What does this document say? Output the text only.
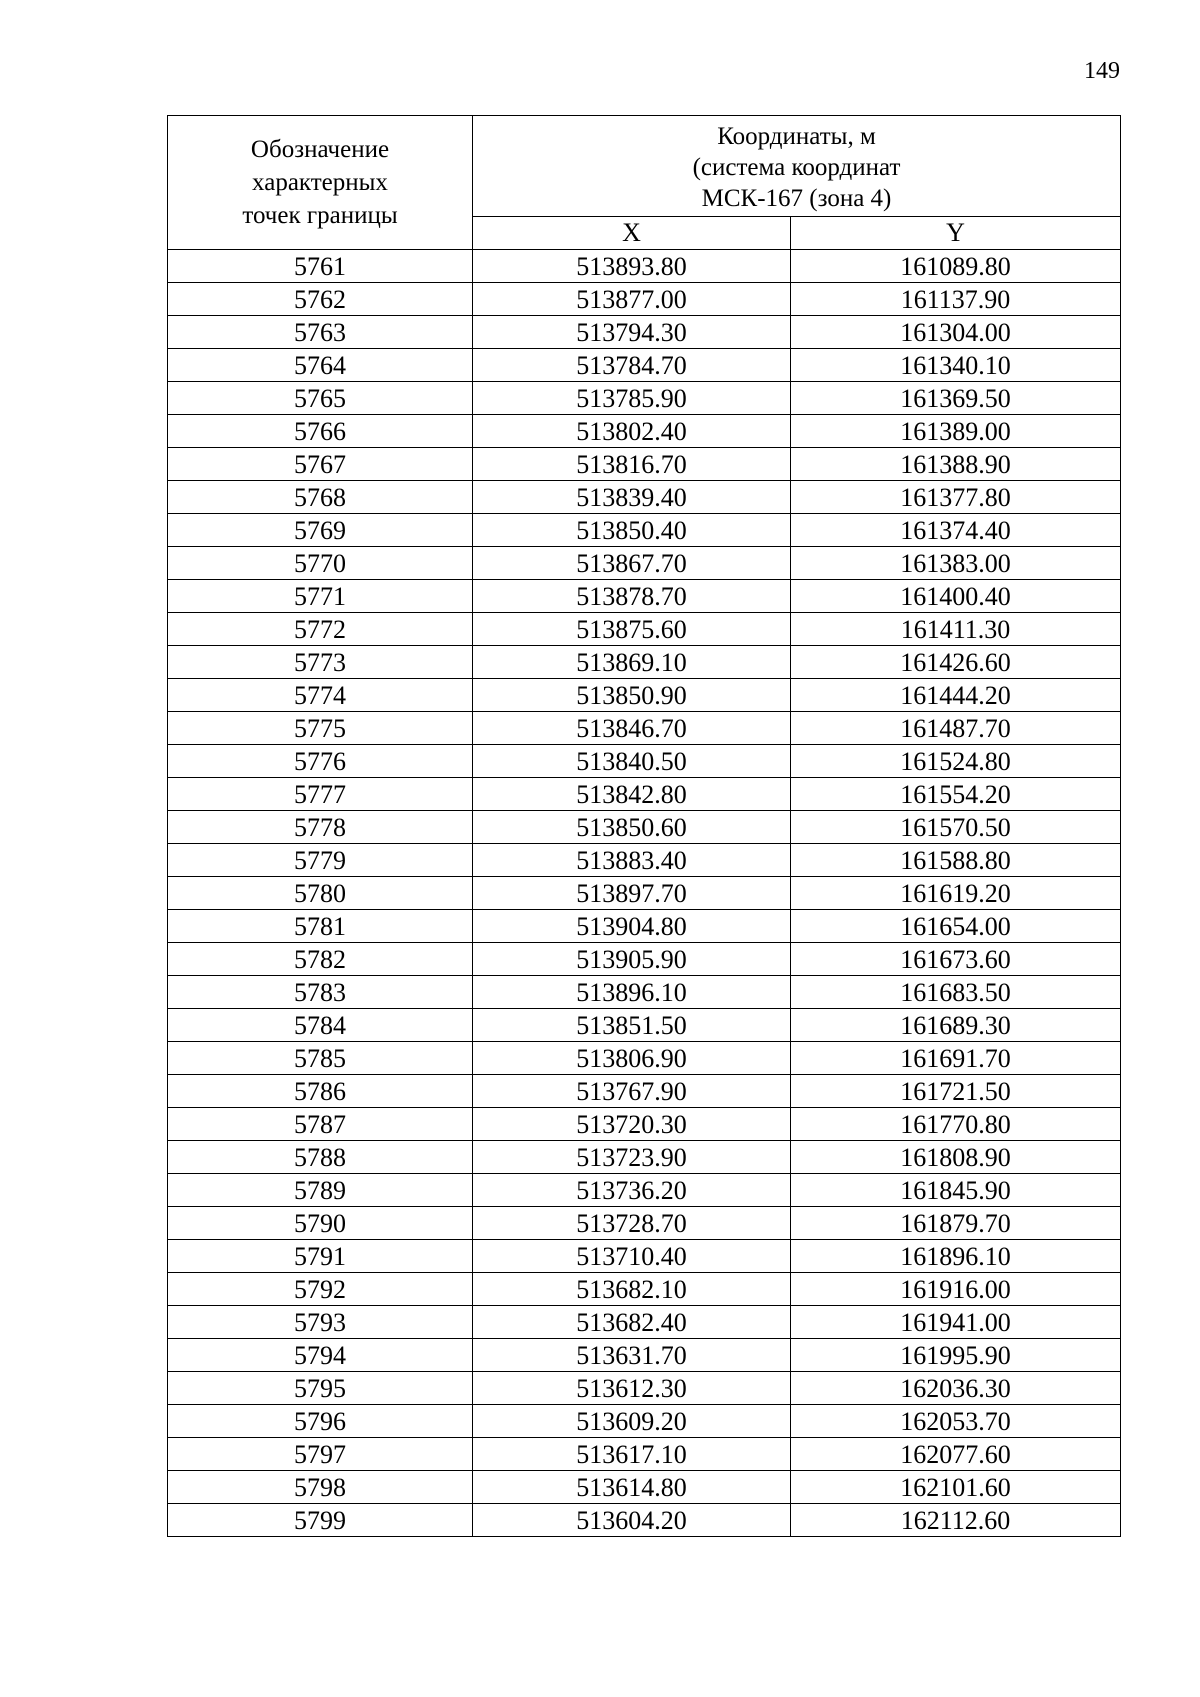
149
Обозначение
характерных
точек границы	Координаты, м
(система координат
МСК-167 (зона 4)	

	X	Y
5761	513893.80	161089.80
5762	513877.00	161137.90
5763	513794.30	161304.00
5764	513784.70	161340.10
5765	513785.90	161369.50
5766	513802.40	161389.00
5767	513816.70	161388.90
5768	513839.40	161377.80
5769	513850.40	161374.40
5770	513867.70	161383.00
5771	513878.70	161400.40
5772	513875.60	161411.30
5773	513869.10	161426.60
5774	513850.90	161444.20
5775	513846.70	161487.70
5776	513840.50	161524.80
5777	513842.80	161554.20
5778	513850.60	161570.50
5779	513883.40	161588.80
5780	513897.70	161619.20
5781	513904.80	161654.00
5782	513905.90	161673.60
5783	513896.10	161683.50
5784	513851.50	161689.30
5785	513806.90	161691.70
5786	513767.90	161721.50
5787	513720.30	161770.80
5788	513723.90	161808.90
5789	513736.20	161845.90
5790	513728.70	161879.70
5791	513710.40	161896.10
5792	513682.10	161916.00
5793	513682.40	161941.00
5794	513631.70	161995.90
5795	513612.30	162036.30
5796	513609.20	162053.70
5797	513617.10	162077.60
5798	513614.80	162101.60
5799	513604.20	162112.60
